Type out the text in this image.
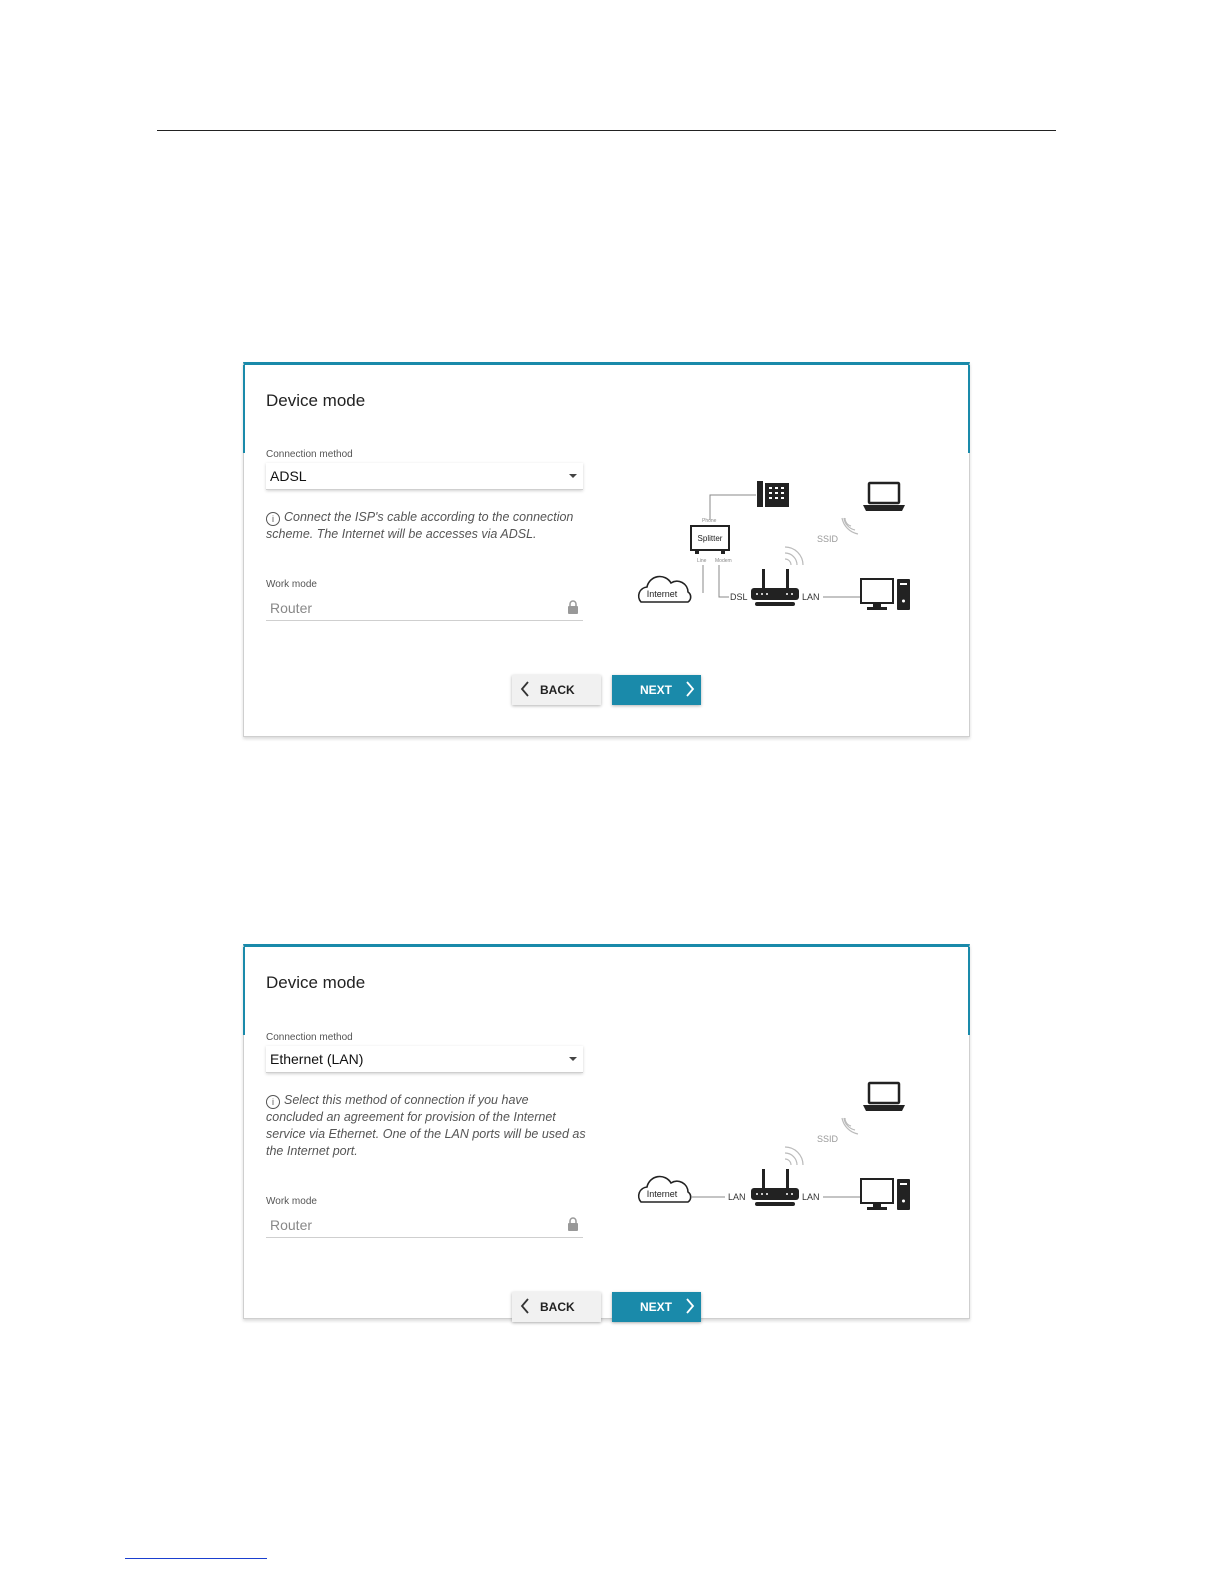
Device mode
Connection method
ADSL
i Connect the ISP's cable according to the connection scheme. The Internet will be accesses via ADSL.
Work mode
Router
Phone
Splitter
Line Modem
Internet	DSL	LAN
SSID
BACK	NEXT
Device mode
Connection method
Ethernet (LAN)
i Select this method of connection if you have concluded an agreement for provision of the Internet service via Ethernet. One of the LAN ports will be used as the Internet port.
Work mode
Router
Internet	LAN	LAN
SSID
BACK	NEXT
